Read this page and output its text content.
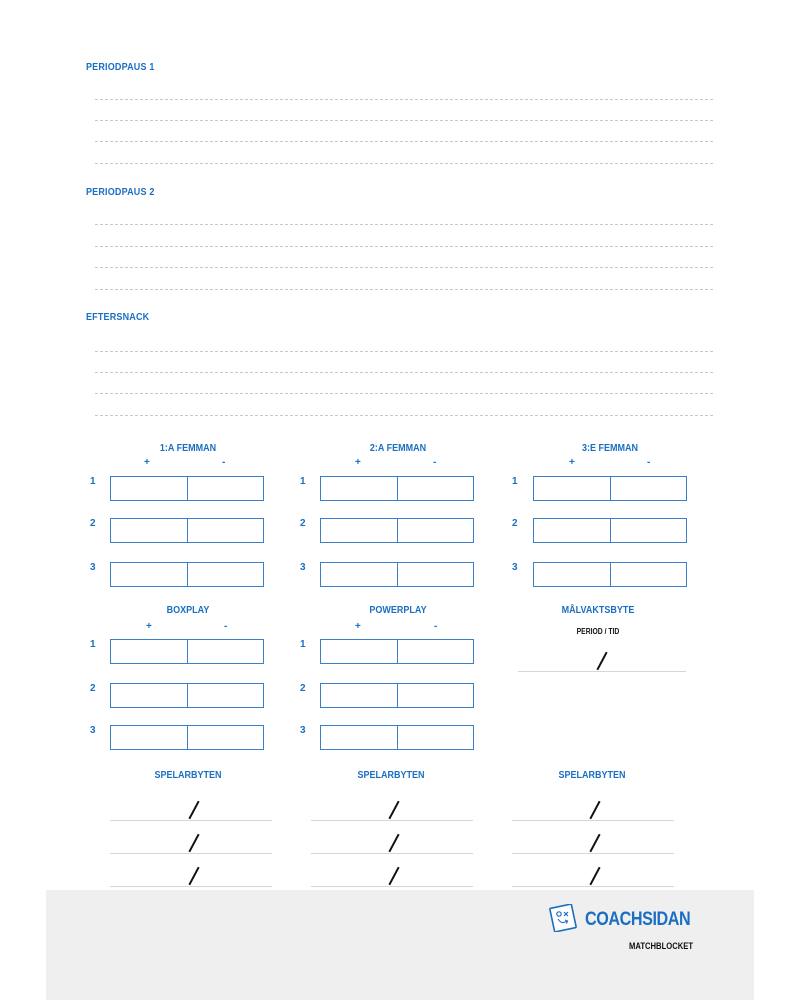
PERIODPAUS 1
PERIODPAUS 2
EFTERSNACK
1:A FEMMAN
+	-
1
2
3
2:A FEMMAN
+	-
1
2
3
3:E FEMMAN
+	-
1
2
3
BOXPLAY
+	-
1
2
3
POWERPLAY
+	-
1
2
3
MÅLVAKTSBYTE
PERIOD / TID
SPELARBYTEN	SPELARBYTEN	SPELARBYTEN
COACHSIDAN
MATCHBLOCKET
